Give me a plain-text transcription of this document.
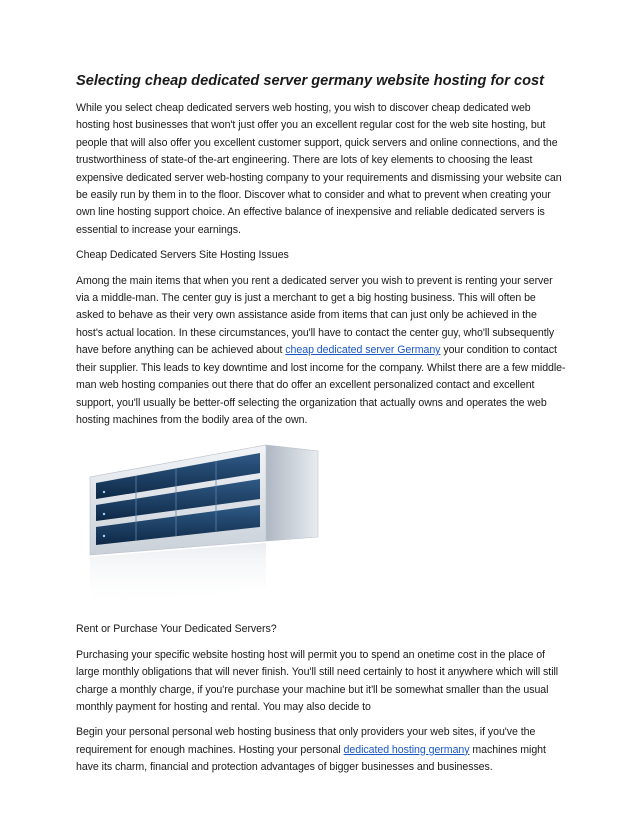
Selecting cheap dedicated server germany website hosting for cost

While you select cheap dedicated servers web hosting, you wish to discover cheap dedicated web hosting host businesses that won't just offer you an excellent regular cost for the web site hosting, but people that will also offer you excellent customer support, quick servers and online connections, and the trustworthiness of state-of the-art engineering. There are lots of key elements to choosing the least expensive dedicated server web-hosting company to your requirements and dismissing your website can be easily run by them in to the floor. Discover what to consider and what to prevent when creating your own line hosting support choice. An effective balance of inexpensive and reliable dedicated servers is essential to increase your earnings.

Cheap Dedicated Servers Site Hosting Issues

Among the main items that when you rent a dedicated server you wish to prevent is renting your server via a middle-man. The center guy is just a merchant to get a big hosting business. This will often be asked to behave as their very own assistance aside from items that can just only be achieved in the host's actual location. In these circumstances, you'll have to contact the center guy, who'll subsequently have before anything can be achieved about cheap dedicated server Germany your condition to contact their supplier. This leads to key downtime and lost income for the company. Whilst there are a few middle-man web hosting companies out there that do offer an excellent personalized contact and excellent support, you'll usually be better-off selecting the organization that actually owns and operates the web hosting machines from the bodily area of the own.

Rent or Purchase Your Dedicated Servers?

Purchasing your specific website hosting host will permit you to spend an onetime cost in the place of large monthly obligations that will never finish. You'll still need certainly to host it anywhere which will still charge a monthly charge, if you're purchase your machine but it'll be somewhat smaller than the usual monthly payment for hosting and rental. You may also decide to

Begin your personal personal web hosting business that only providers your web sites, if you've the requirement for enough machines. Hosting your personal dedicated hosting germany machines might have its charm, financial and protection advantages of bigger businesses and businesses.
